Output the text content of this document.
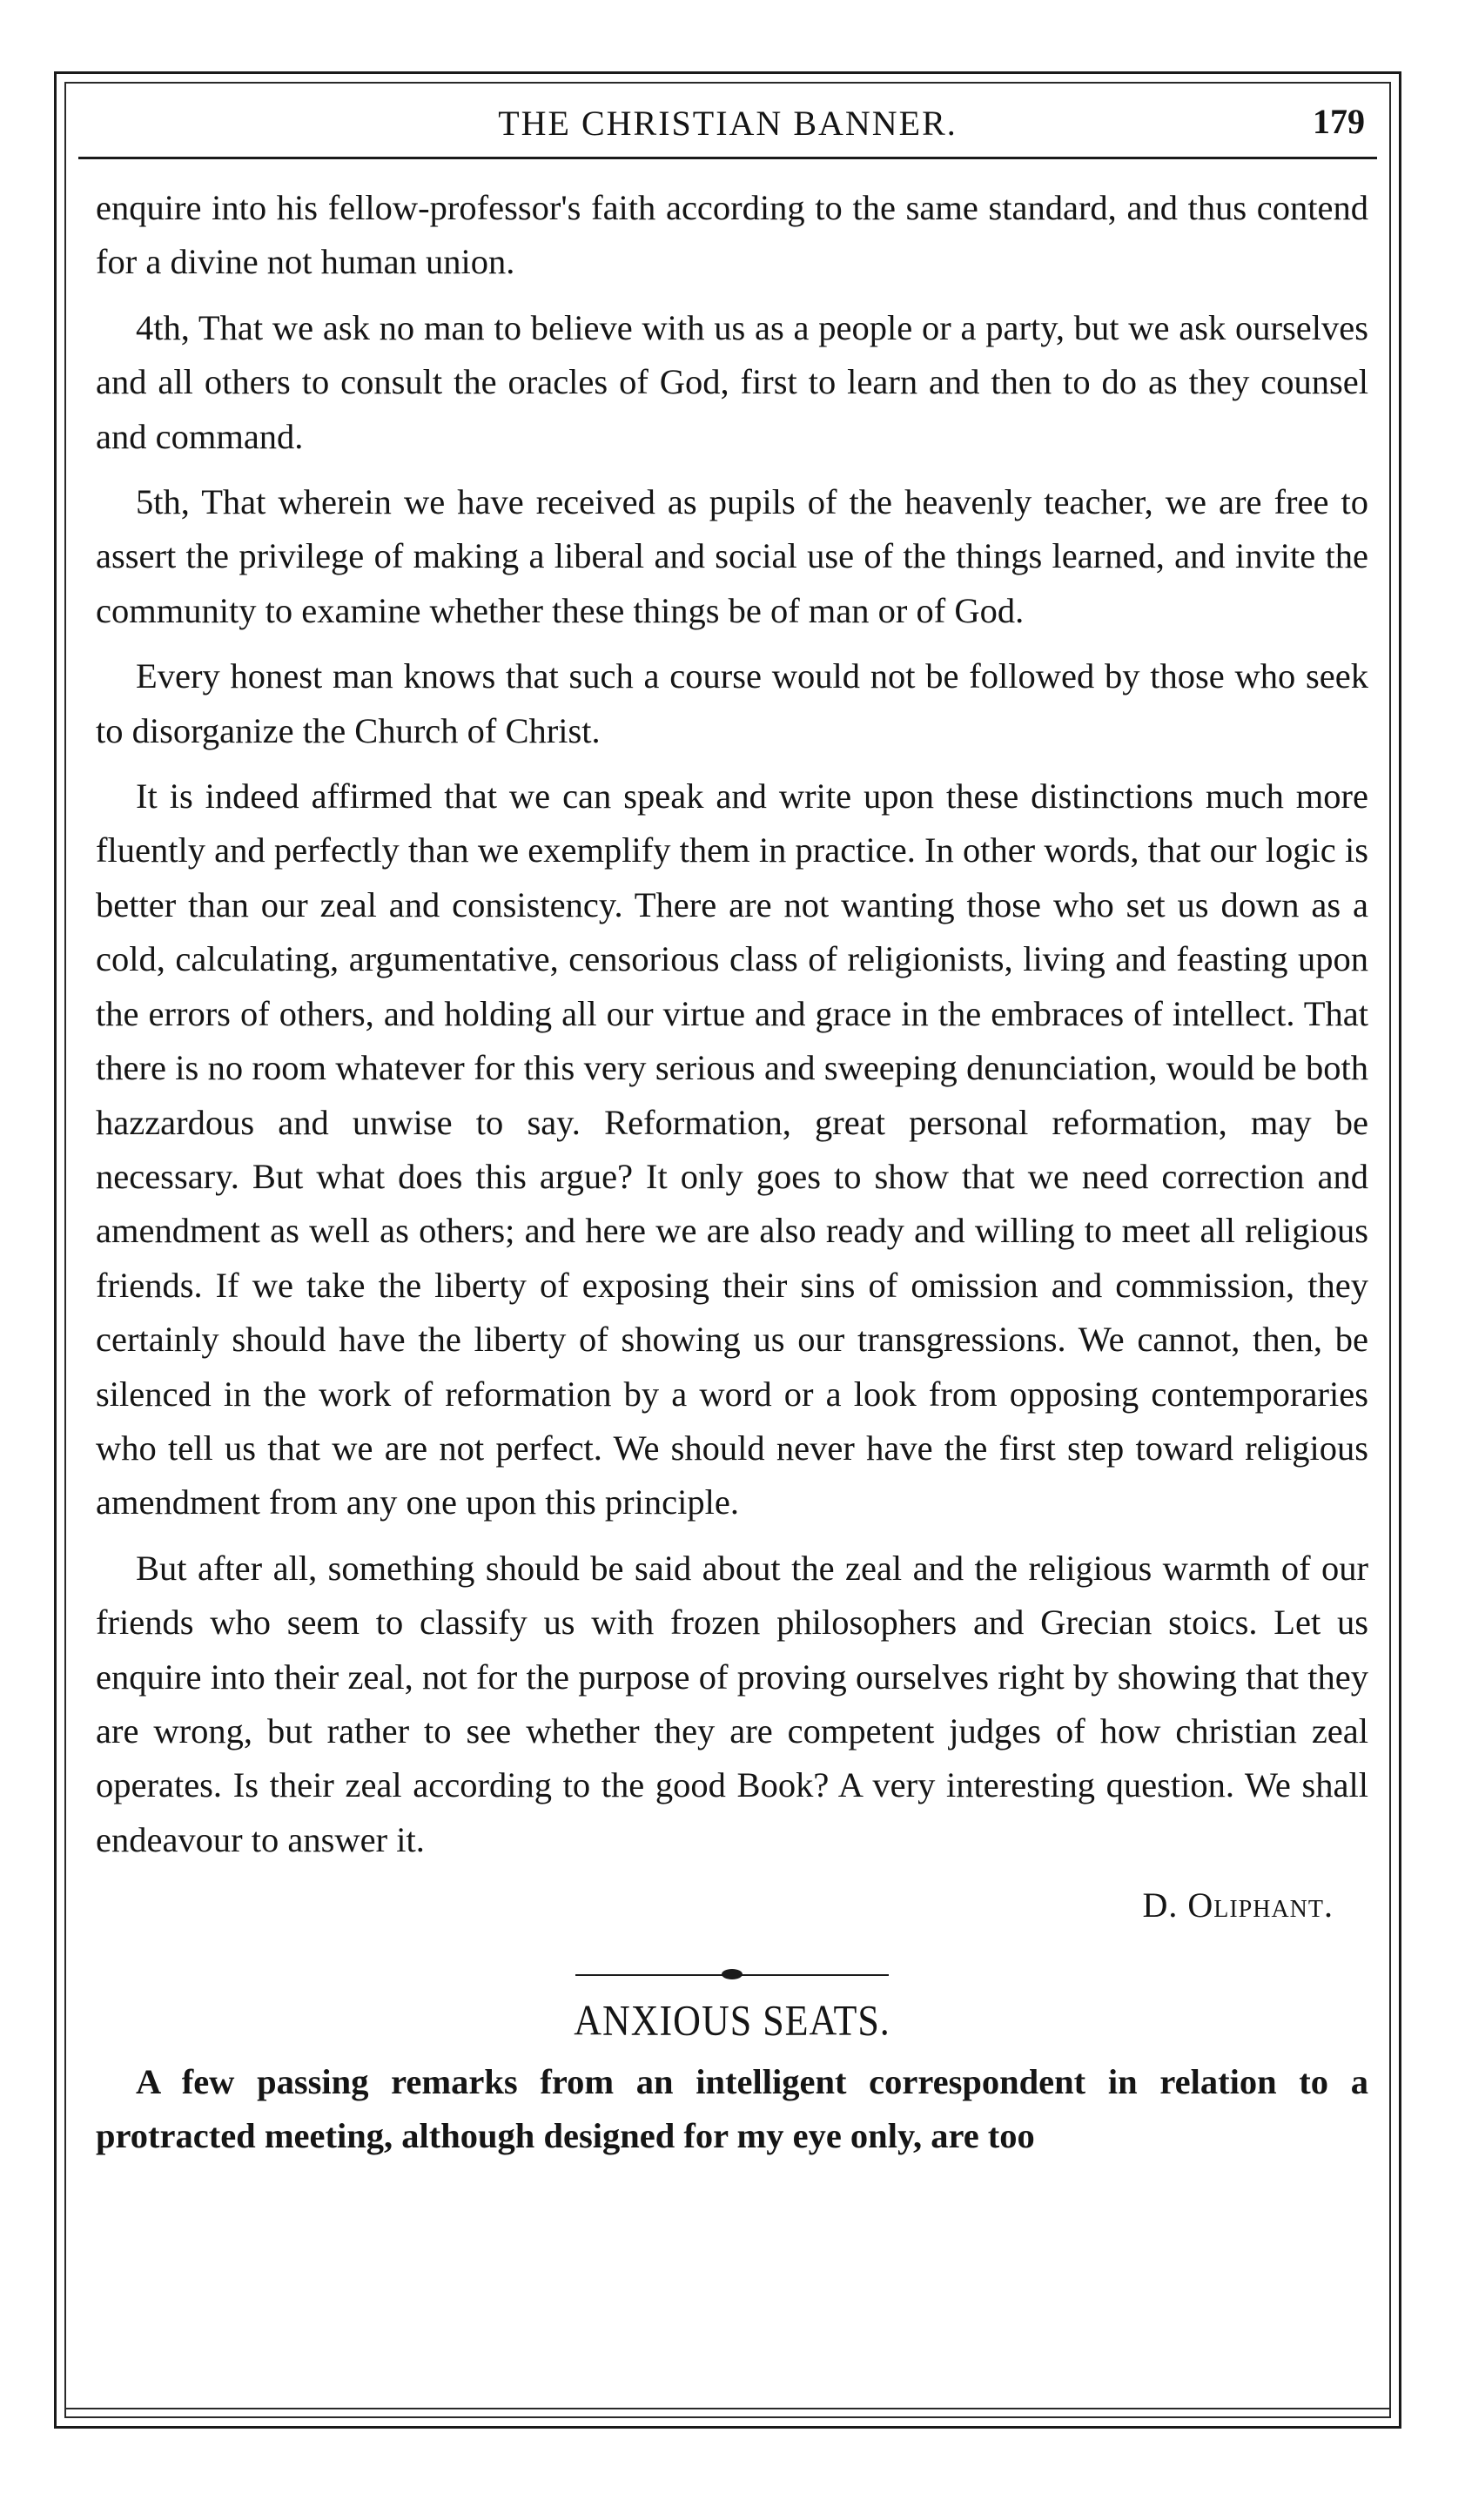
THE CHRISTIAN BANNER.	179

enquire into his fellow-professor's faith according to the same standard, and thus contend for a divine not human union.

4th, That we ask no man to believe with us as a people or a party, but we ask ourselves and all others to consult the oracles of God, first to learn and then to do as they counsel and command.

5th, That wherein we have received as pupils of the heavenly teacher, we are free to assert the privilege of making a liberal and social use of the things learned, and invite the community to examine whether these things be of man or of God.

Every honest man knows that such a course would not be followed by those who seek to disorganize the Church of Christ.

It is indeed affirmed that we can speak and write upon these distinctions much more fluently and perfectly than we exemplify them in practice. In other words, that our logic is better than our zeal and consistency. There are not wanting those who set us down as a cold, calculating, argumentative, censorious class of religionists, living and feasting upon the errors of others, and holding all our virtue and grace in the embraces of intellect. That there is no room whatever for this very serious and sweeping denunciation, would be both hazzardous and unwise to say. Reformation, great personal reformation, may be necessary. But what does this argue? It only goes to show that we need correction and amendment as well as others; and here we are also ready and willing to meet all religious friends. If we take the liberty of exposing their sins of omission and commission, they certainly should have the liberty of showing us our transgressions. We cannot, then, be silenced in the work of reformation by a word or a look from opposing contemporaries who tell us that we are not perfect. We should never have the first step toward religious amendment from any one upon this principle.

But after all, something should be said about the zeal and the religious warmth of our friends who seem to classify us with frozen philosophers and Grecian stoics. Let us enquire into their zeal, not for the purpose of proving ourselves right by showing that they are wrong, but rather to see whether they are competent judges of how christian zeal operates. Is their zeal according to the good Book? A very interesting question. We shall endeavour to answer it.

D. Oliphant.
ANXIOUS SEATS.

A few passing remarks from an intelligent correspondent in relation to a protracted meeting, although designed for my eye only, are too
